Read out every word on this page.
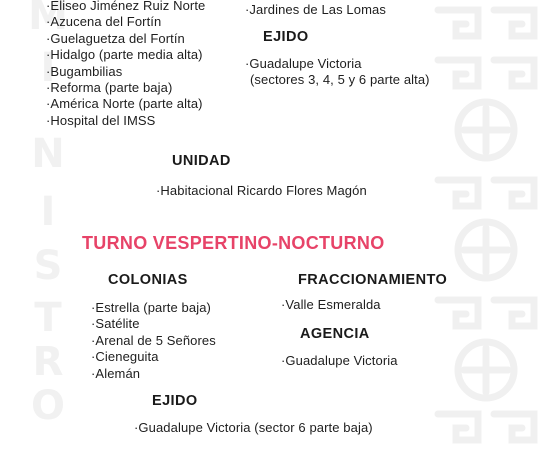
M
I
N
I
S
T
R
O
·Eliseo Jiménez Ruiz Norte
·Azucena del Fortín
·Guelaguetza del Fortín
·Hidalgo (parte media alta)
·Bugambilias
·Reforma (parte baja)
·América Norte (parte alta)
·Hospital del IMSS
·Jardines de Las Lomas
EJIDO
·Guadalupe Victoria
(sectores 3, 4, 5 y 6 parte alta)
UNIDAD
·Habitacional Ricardo Flores Magón
TURNO VESPERTINO-NOCTURNO
COLONIAS
·Estrella (parte baja)
·Satélite
·Arenal de 5 Señores
·Cieneguita
·Alemán
FRACCIONAMIENTO
·Valle Esmeralda
AGENCIA
·Guadalupe Victoria
EJIDO
·Guadalupe Victoria (sector 6 parte baja)
